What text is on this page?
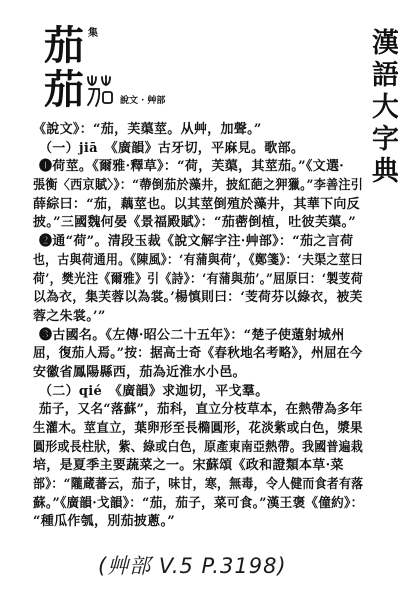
茄 集
茄	說文 · 艸部	漢語大字典
《說文》：“茄，芙蕖莖。从艸，加聲。”
（一）jiā　《廣韻》古牙切，平麻見。歌部。
❶荷莖。《爾雅·釋草》：“荷，芙蕖，其莖茄。”《文選·
張衡〈西京賦〉》：“蔕倒茄於藻井，披紅葩之狎獵。”李善注引
薛綜曰：“茄，藕莖也。以其莖倒殖於藻井，其華下向反
披。”三國魏何晏《景福殿賦》：“茄蔤倒植，吐彼芙蕖。”
❷通“荷”。清段玉裁《說文解字注·艸部》：“茄之言荷
也，古與荷通用。《陳風》：‘有蒲與荷’，《鄭箋》：‘夫渠之莖曰
荷’，樊光注《爾雅》引《詩》：‘有蒲與茄’。”屈原曰：‘製芰荷
以為衣，集芙蓉以為裳。’楊慎則曰：‘芰荷芬以綠衣，被芙
蓉之朱裳。’”
❸古國名。《左傳·昭公二十五年》：“楚子使薳射城州
屈，復茄人焉。”按：据高士奇《春秋地名考略》，州屈在今
安徽省鳳陽縣西，茄為近淮水小邑。
（二）qié　《廣韻》求迦切，平戈羣。
茄子，又名“落蘇”，茄科，直立分枝草本，在熱帶為多年
生灌木。莖直立，葉卵形至長橢圓形，花淡紫或白色，漿果
圓形或長柱狀，紫、綠或白色，原產東南亞熱帶。我國普遍栽
培，是夏季主要蔬菜之一。宋蘇頌《政和證類本草·菜
部》：“隴蔵蕃云，茄子，味甘，寒，無毒，令人健而食者有落
蘇。”《廣韻·戈韻》：“茄，茄子，菜可食。”漢王褒《僮約》：
“種瓜作瓠，別茄披蔥。”
(艸部 V.5 P.3198)
